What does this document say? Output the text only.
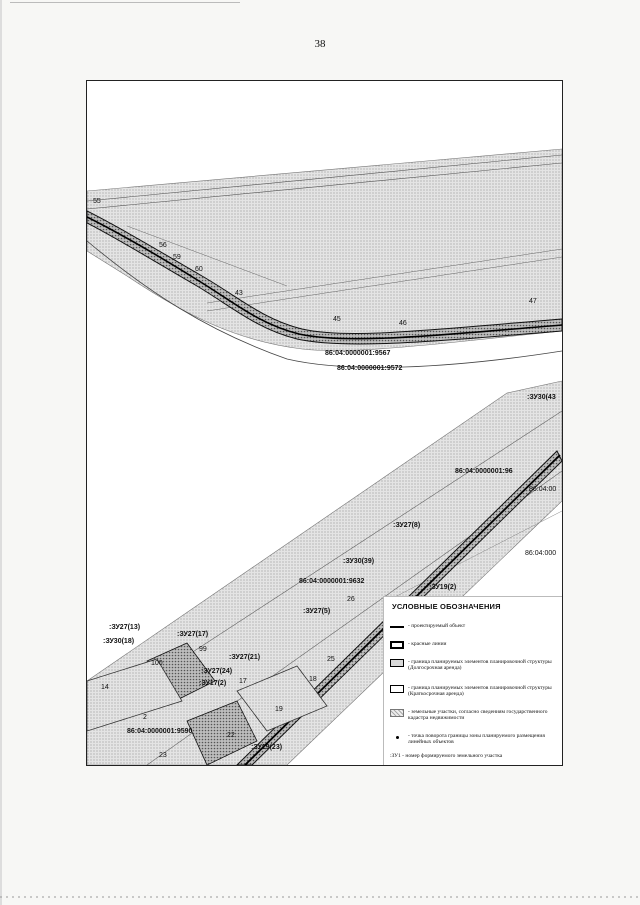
38
55
56
59
60
43
45
46
47
86:04:0000001:9567
86:04:0000001:9572
:ЗУ30(43
86:04:0000001:96
86:04:00
86:04:000
:ЗУ27(8)
:ЗУ30(39)
86:04:0000001:9632
:ЗУ19(2)
:ЗУ27(5)
:ЗУ27(13)
:ЗУ30(18)
:ЗУ27(17)
:ЗУ27(24)
:ЗУ27(21)
:ЗУ17(2)
:ЗУ19(23)
86:04:0000001:9590
14
2
17	18
19
22
23
25
26
100
99
УСЛОВНЫЕ ОБОЗНАЧЕНИЯ
- проектируемый объект
- красные линии
- граница планируемых элементов планировочной структуры (Долгосрочная аренда)
- граница планируемых элементов планировочной структуры (Краткосрочная аренда)
- земельные участки, согласно сведениям государственного кадастра недвижимости
- точка поворота границы зоны планируемого размещения линейных объектов
:ЗУ1 - номер формируемого земельного участка
